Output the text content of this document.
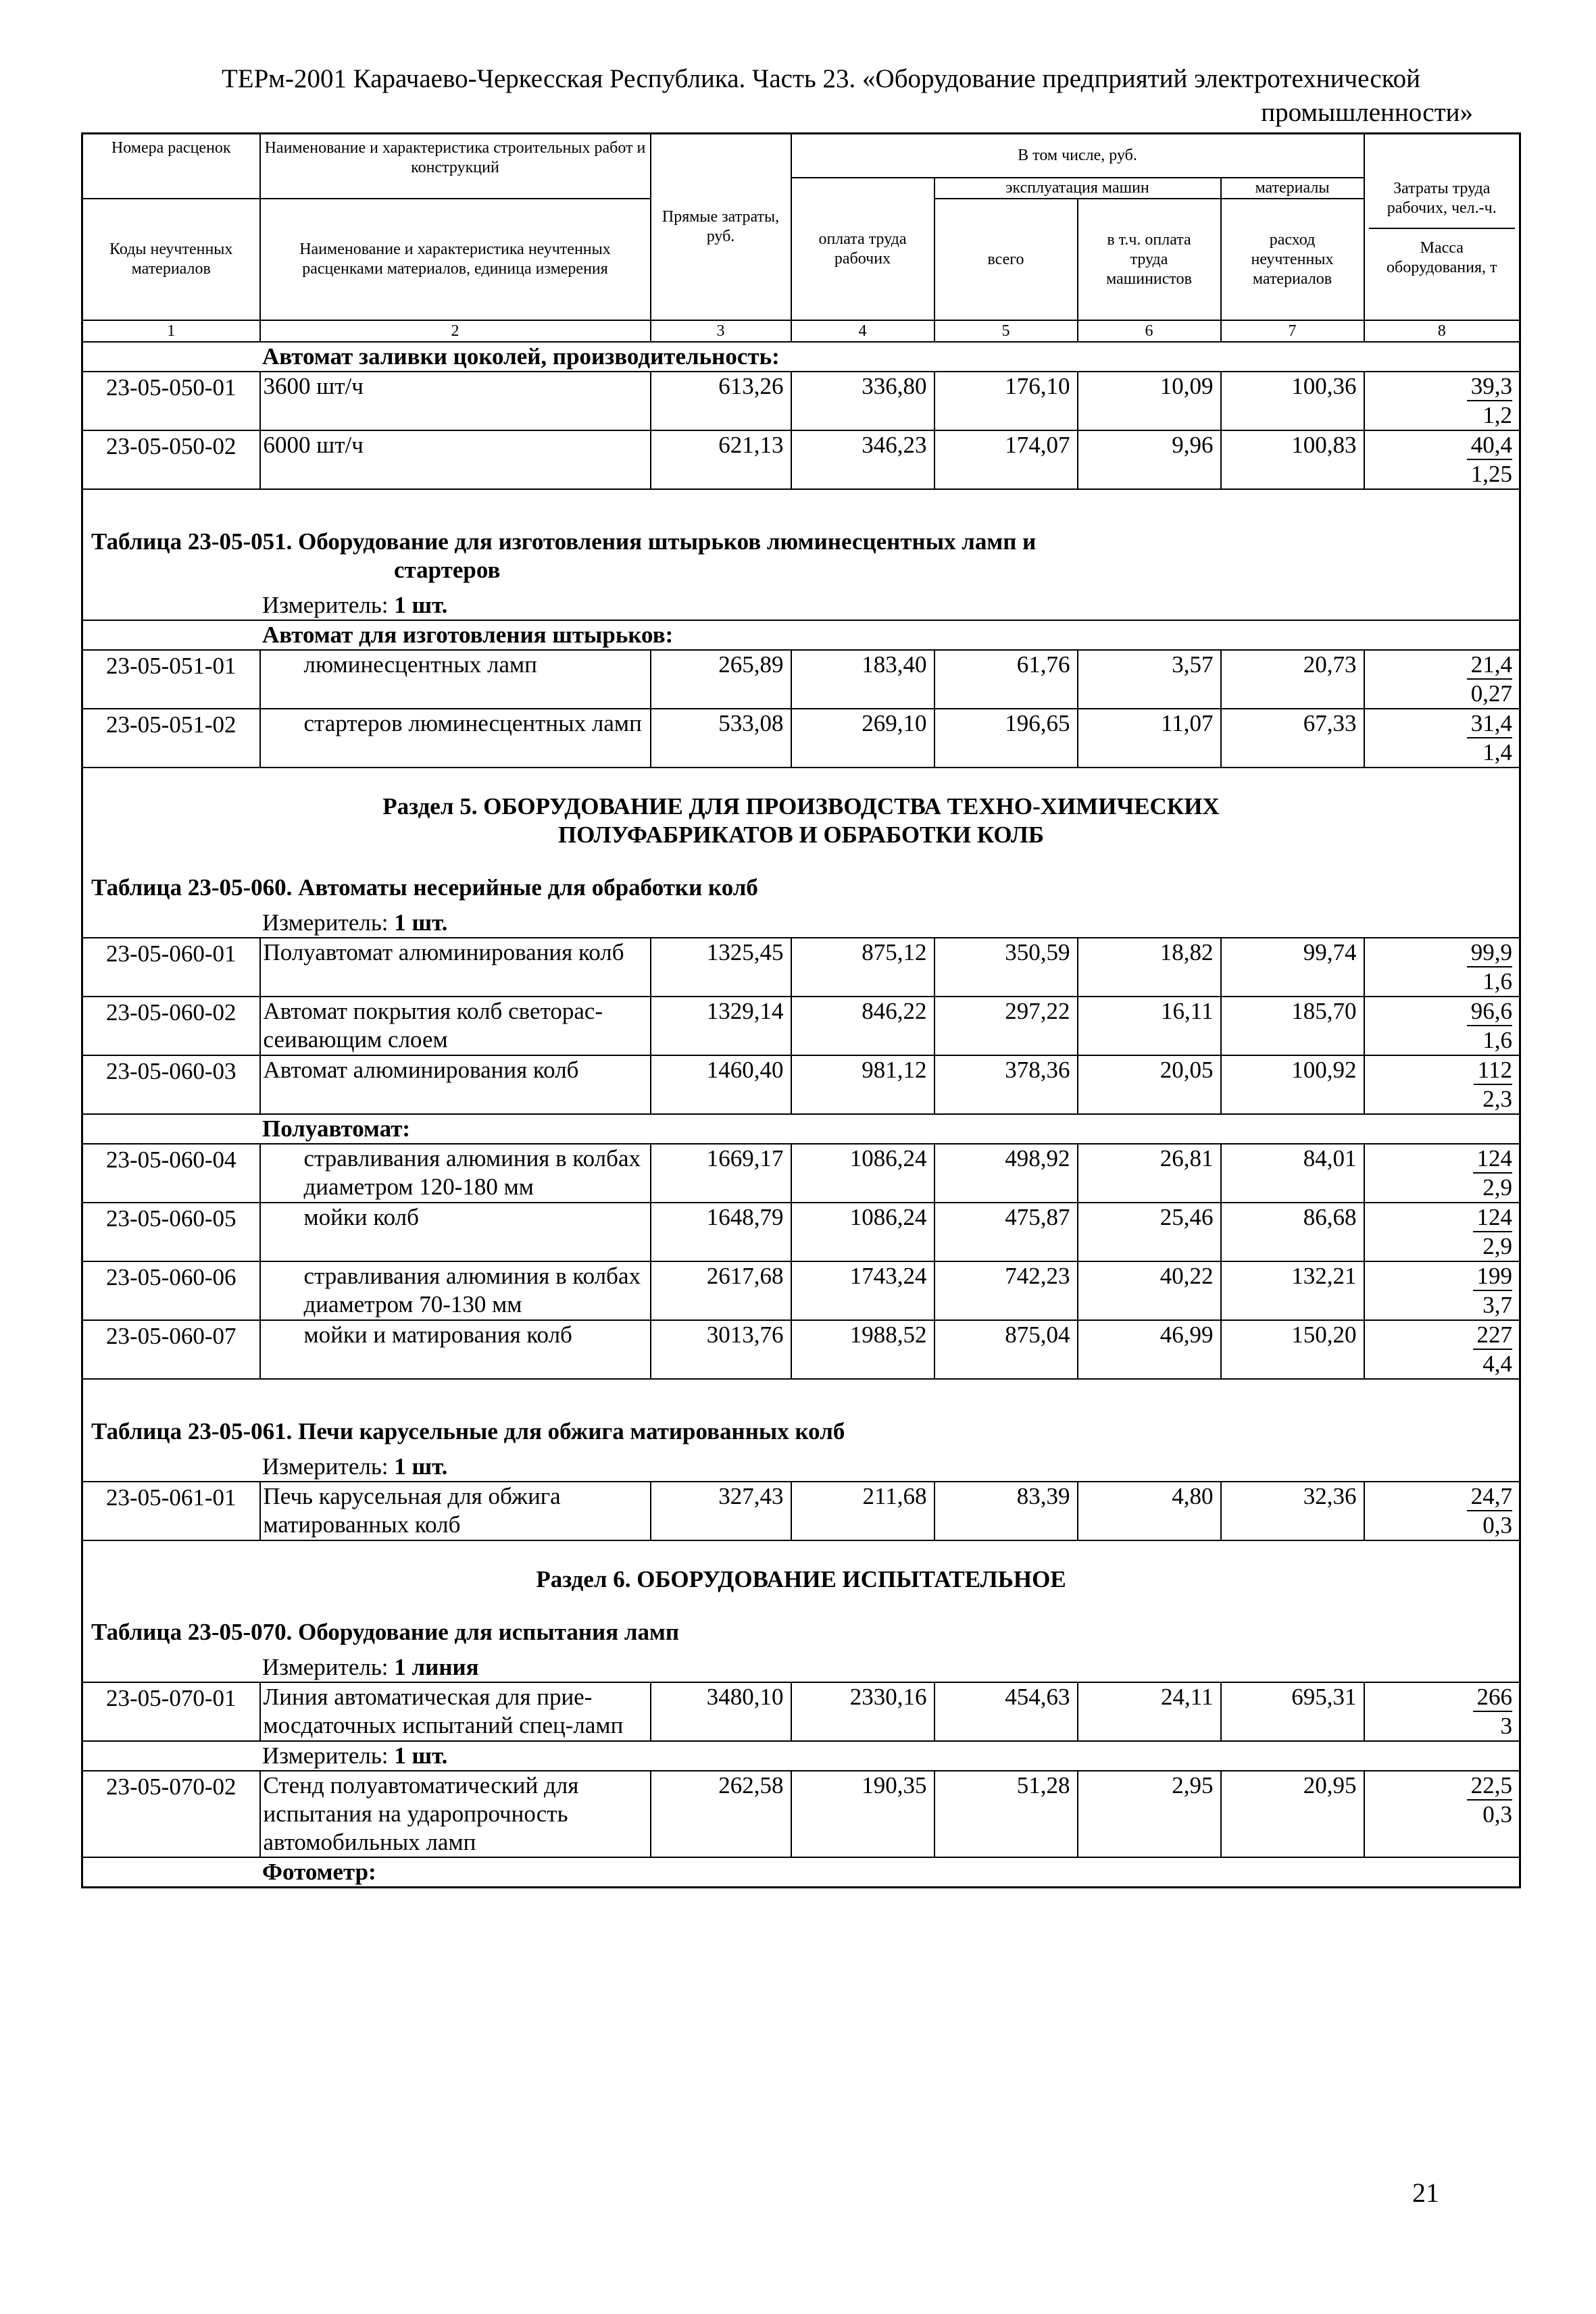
ТЕРм-2001 Карачаево-Черкесская Республика. Часть 23. «Оборудование предприятий электротехнической
промышленности»
Номера расценок	Наименование и характеристика строительных работ и конструкций	Прямые затраты, руб.	В том числе, руб.				Затраты труда рабочих, чел.-ч.
Масса оборудования, т

			оплата труда рабочих	эксплуатация машин		материалы	
Коды неучтенных материалов	Наименование и характеристика неучтенных расценками материалов, единица измерения			всего	в т.ч. оплата труда машинистов	расход неучтенных материалов	
1	2	3	4	5	6	7	8
Автомат заливки цоколей, производительность:							
23-05-050-01	3600 шт/ч	613,26	336,80	176,10	10,09	100,36	39,3
1,2

23-05-050-02	6000 шт/ч	621,13	346,23	174,07	9,96	100,83	40,4
1,25

Таблица 23-05-051. Оборудование для изготовления штырьков люминесцентных ламп и
стартеров							

Измеритель: 1 шт.							
Автомат для изготовления штырьков:							
23-05-051-01	люминесцентных ламп	265,89	183,40	61,76	3,57	20,73	21,4
0,27

23-05-051-02	стартеров люминесцентных ламп	533,08	269,10	196,65	11,07	67,33	31,4
1,4

Раздел 5. ОБОРУДОВАНИЕ ДЛЯ ПРОИЗВОДСТВА ТЕХНО-ХИМИЧЕСКИХ
ПОЛУФАБРИКАТОВ И ОБРАБОТКИ КОЛБ							

Таблица 23-05-060. Автоматы несерийные для обработки колб							
Измеритель: 1 шт.							
23-05-060-01	Полуавтомат алюминирования колб	1325,45	875,12	350,59	18,82	99,74	99,9
1,6

23-05-060-02	Автомат покрытия колб светорас-сеивающим слоем	1329,14	846,22	297,22	16,11	185,70	96,6
1,6

23-05-060-03	Автомат алюминирования колб	1460,40	981,12	378,36	20,05	100,92	112
2,3

Полуавтомат:							
23-05-060-04	стравливания алюминия в колбах диаметром 120-180 мм	1669,17	1086,24	498,92	26,81	84,01	124
2,9

23-05-060-05	мойки колб	1648,79	1086,24	475,87	25,46	86,68	124
2,9

23-05-060-06	стравливания алюминия в колбах диаметром 70-130 мм	2617,68	1743,24	742,23	40,22	132,21	199
3,7

23-05-060-07	мойки и матирования колб	3013,76	1988,52	875,04	46,99	150,20	227
4,4

Таблица 23-05-061. Печи карусельные для обжига матированных колб							
Измеритель: 1 шт.							
23-05-061-01	Печь карусельная для обжига матированных колб	327,43	211,68	83,39	4,80	32,36	24,7
0,3

Раздел 6. ОБОРУДОВАНИЕ ИСПЫТАТЕЛЬНОЕ							

Таблица 23-05-070. Оборудование для испытания ламп							
Измеритель: 1 линия							
23-05-070-01	Линия автоматическая для прие-мосдаточных испытаний спец-ламп	3480,10	2330,16	454,63	24,11	695,31	266
3

Измеритель: 1 шт.							
23-05-070-02	Стенд полуавтоматический для испытания на ударопрочность автомобильных ламп	262,58	190,35	51,28	2,95	20,95	22,5
0,3

Фотометр:							
21
